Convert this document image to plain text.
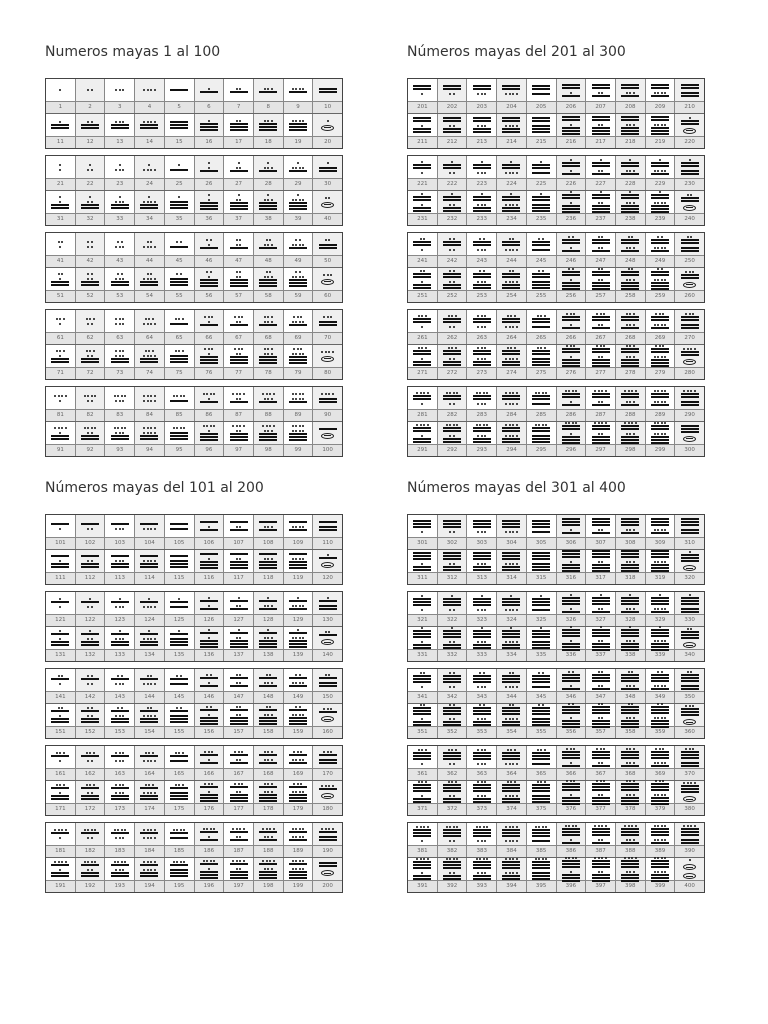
Numeros mayas 1 al 100
1	2	3	4	5	6	7	8	9	10
11	12	13	14	15	16	17	18	19	20
21	22	23	24	25	26	27	28	29	30
31	32	33	34	35	36	37	38	39	40
41	42	43	44	45	46	47	48	49	50
51	52	53	54	55	56	57	58	59	60
61	62	63	64	65	66	67	68	69	70
71	72	73	74	75	76	77	78	79	80
81	82	83	84	85	86	87	88	89	90
91	92	93	94	95	96	97	98	99	100
Números mayas del 201 al 300
201	202	203	204	205	206	207	208	209	210
211	212	213	214	215	216	217	218	219	220
221	222	223	224	225	226	227	228	229	230
231	232	233	234	235	236	237	238	239	240
241	242	243	244	245	246	247	248	249	250
251	252	253	254	255	256	257	258	259	260
261	262	263	264	265	266	267	268	269	270
271	272	273	274	275	276	277	278	279	280
281	282	283	284	285	286	287	288	289	290
291	292	293	294	295	296	297	298	299	300
Números mayas del 101 al 200
101	102	103	104	105	106	107	108	109	110
111	112	113	114	115	116	117	118	119	120
121	122	123	124	125	126	127	128	129	130
131	132	133	134	135	136	137	138	139	140
141	142	143	144	145	146	147	148	149	150
151	152	153	154	155	156	157	158	159	160
161	162	163	164	165	166	167	168	169	170
171	172	173	174	175	176	177	178	179	180
181	182	183	184	185	186	187	188	189	190
191	192	193	194	195	196	197	198	199	200
Números mayas del 301 al 400
301	302	303	304	305	306	307	308	309	310
311	312	313	314	315	316	317	318	319	320
321	322	323	324	325	326	327	328	329	330
331	332	333	334	335	336	337	338	339	340
341	342	343	344	345	346	347	348	349	350
351	352	353	354	355	356	357	358	359	360
361	362	363	364	365	366	367	368	369	370
371	372	373	374	375	376	377	378	379	380
381	382	383	384	385	386	387	388	389	390
391	392	393	394	395	396	397	398	399	400
